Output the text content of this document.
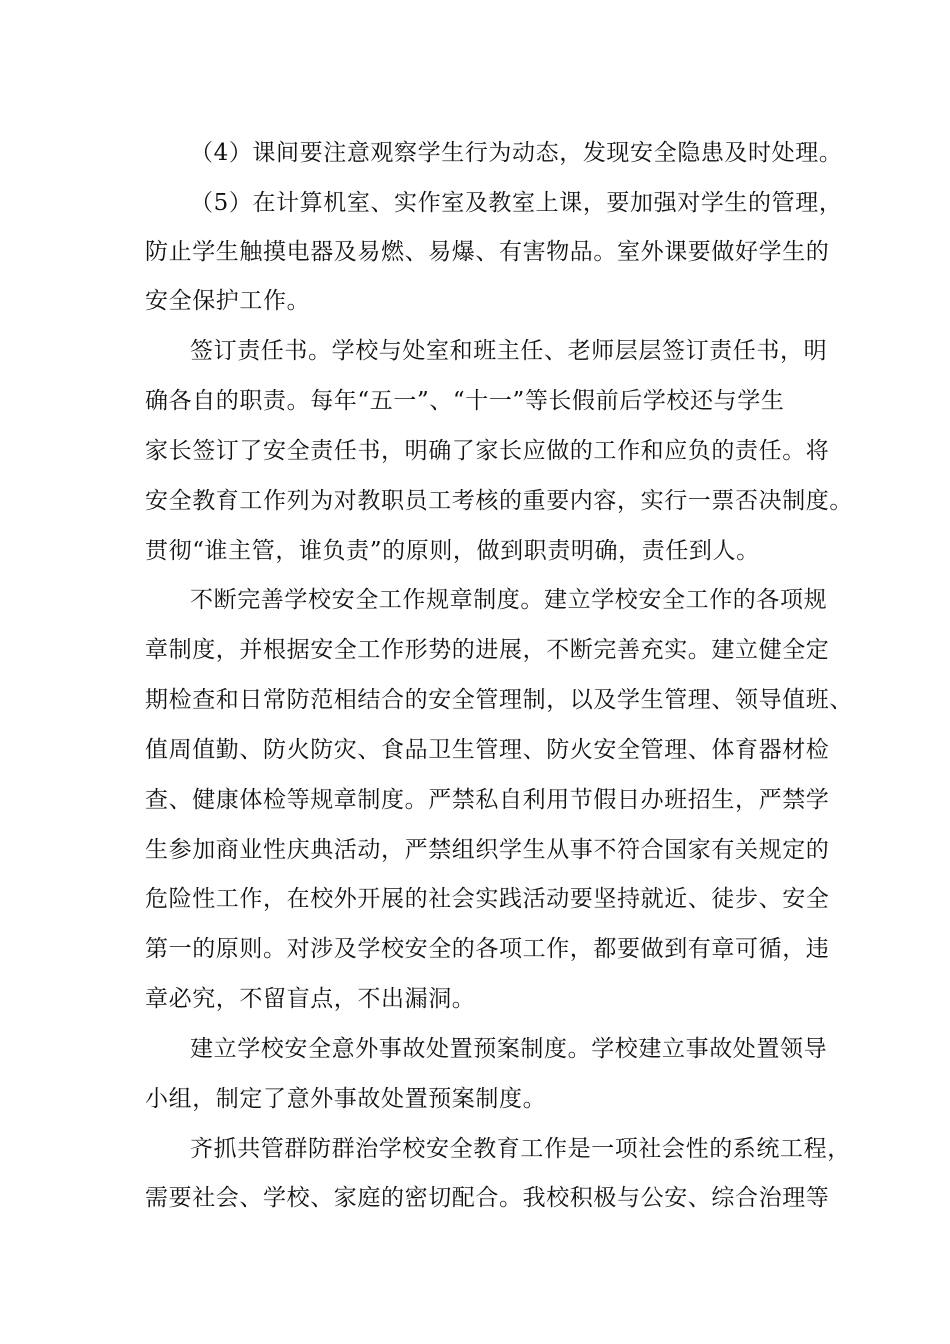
（4）课间要注意观察学生行为动态，发现安全隐患及时处理。
（5）在计算机室、实作室及教室上课，要加强对学生的管理，
防止学生触摸电器及易燃、易爆、有害物品。室外课要做好学生的
安全保护工作。
签订责任书。学校与处室和班主任、老师层层签订责任书，明
确各自的职责。每年“五一”、“十一”等长假前后学校还与学生
家长签订了安全责任书，明确了家长应做的工作和应负的责任。将
安全教育工作列为对教职员工考核的重要内容，实行一票否决制度。
贯彻“谁主管，谁负责”的原则，做到职责明确，责任到人。
不断完善学校安全工作规章制度。建立学校安全工作的各项规
章制度，并根据安全工作形势的进展，不断完善充实。建立健全定
期检查和日常防范相结合的安全管理制，以及学生管理、领导值班、
值周值勤、防火防灾、食品卫生管理、防火安全管理、体育器材检
查、健康体检等规章制度。严禁私自利用节假日办班招生，严禁学
生参加商业性庆典活动，严禁组织学生从事不符合国家有关规定的
危险性工作，在校外开展的社会实践活动要坚持就近、徒步、安全
第一的原则。对涉及学校安全的各项工作，都要做到有章可循，违
章必究，不留盲点，不出漏洞。
建立学校安全意外事故处置预案制度。学校建立事故处置领导
小组，制定了意外事故处置预案制度。
齐抓共管群防群治学校安全教育工作是一项社会性的系统工程，
需要社会、学校、家庭的密切配合。我校积极与公安、综合治理等
